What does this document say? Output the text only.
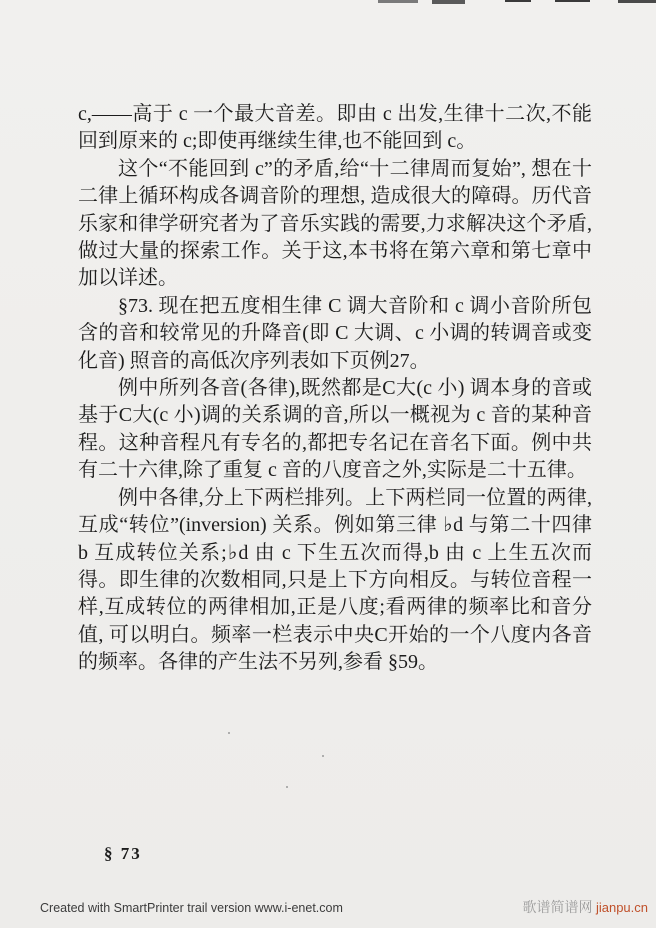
c,——高于 c 一个最大音差。即由 c 出发,生律十二次,不能回到原来的 c;即使再继续生律,也不能回到 c。

这个“不能回到 c”的矛盾,给“十二律周而复始”, 想在十二律上循环构成各调音阶的理想, 造成很大的障碍。历代音乐家和律学研究者为了音乐实践的需要,力求解决这个矛盾,做过大量的探索工作。关于这,本书将在第六章和第七章中加以详述。

§73. 现在把五度相生律 C 调大音阶和 c 调小音阶所包含的音和较常见的升降音(即 C 大调、c 小调的转调音或变化音) 照音的高低次序列表如下页例27。

例中所列各音(各律),既然都是C大(c 小) 调本身的音或基于C大(c 小)调的关系调的音,所以一概视为 c 音的某种音程。这种音程凡有专名的,都把专名记在音名下面。例中共有二十六律,除了重复 c 音的八度音之外,实际是二十五律。

例中各律,分上下两栏排列。上下两栏同一位置的两律,互成“转位”(inversion) 关系。例如第三律 ♭d 与第二十四律 b 互成转位关系;♭d 由 c 下生五次而得,b 由 c 上生五次而得。即生律的次数相同,只是上下方向相反。与转位音程一样,互成转位的两律相加,正是八度;看两律的频率比和音分值, 可以明白。频率一栏表示中央C开始的一个八度内各音的频率。各律的产生法不另列,参看 §59。

§ 73
Created with SmartPrinter trail version www.i-enet.com	歌谱简谱网 jianpu.cn
